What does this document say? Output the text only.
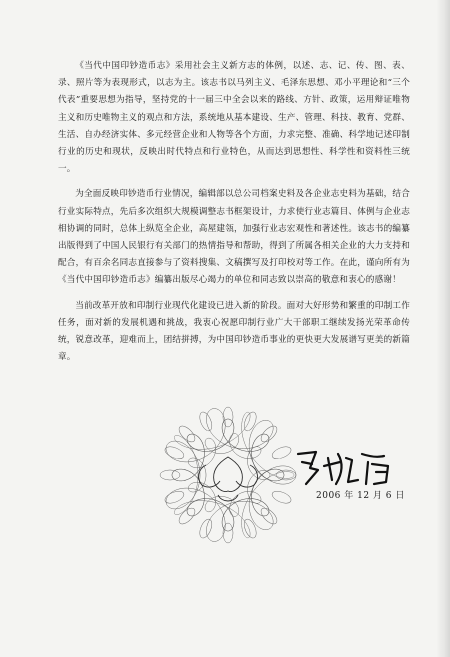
《当代中国印钞造币志》采用社会主义新方志的体例，以述、志、记、传、图、表、录、照片等为表现形式，以志为主。该志书以马列主义、毛泽东思想、邓小平理论和“三个代表”重要思想为指导，坚持党的十一届三中全会以来的路线、方针、政策，运用辩证唯物主义和历史唯物主义的观点和方法，系统地从基本建设、生产、管理、科技、教育、党群、生活、自办经济实体、多元经营企业和人物等各个方面，力求完整、准确、科学地记述印制行业的历史和现状，反映出时代特点和行业特色，从而达到思想性、科学性和资料性三统一。

为全面反映印钞造币行业情况，编辑部以总公司档案史料及各企业志史料为基础，结合行业实际特点，先后多次组织大规模调整志书框架设计，力求使行业志篇目、体例与企业志相协调的同时，总体上纵览全企业，高屋建瓴，加强行业志宏观性和著述性。该志书的编纂出版得到了中国人民银行有关部门的热情指导和帮助，得到了所属各相关企业的大力支持和配合，有百余名同志直接参与了资料搜集、文稿撰写及打印校对等工作。在此，谨向所有为《当代中国印钞造币志》编纂出版尽心竭力的单位和同志致以崇高的敬意和衷心的感谢！

当前改革开放和印制行业现代化建设已进入新的阶段。面对大好形势和繁重的印制工作任务，面对新的发展机遇和挑战，我衷心祝愿印制行业广大干部职工继续发扬光荣革命传统，锐意改革，迎难而上，团结拼搏，为中国印钞造币事业的更快更大发展谱写更美的新篇章。

2006 年 12 月 6 日
